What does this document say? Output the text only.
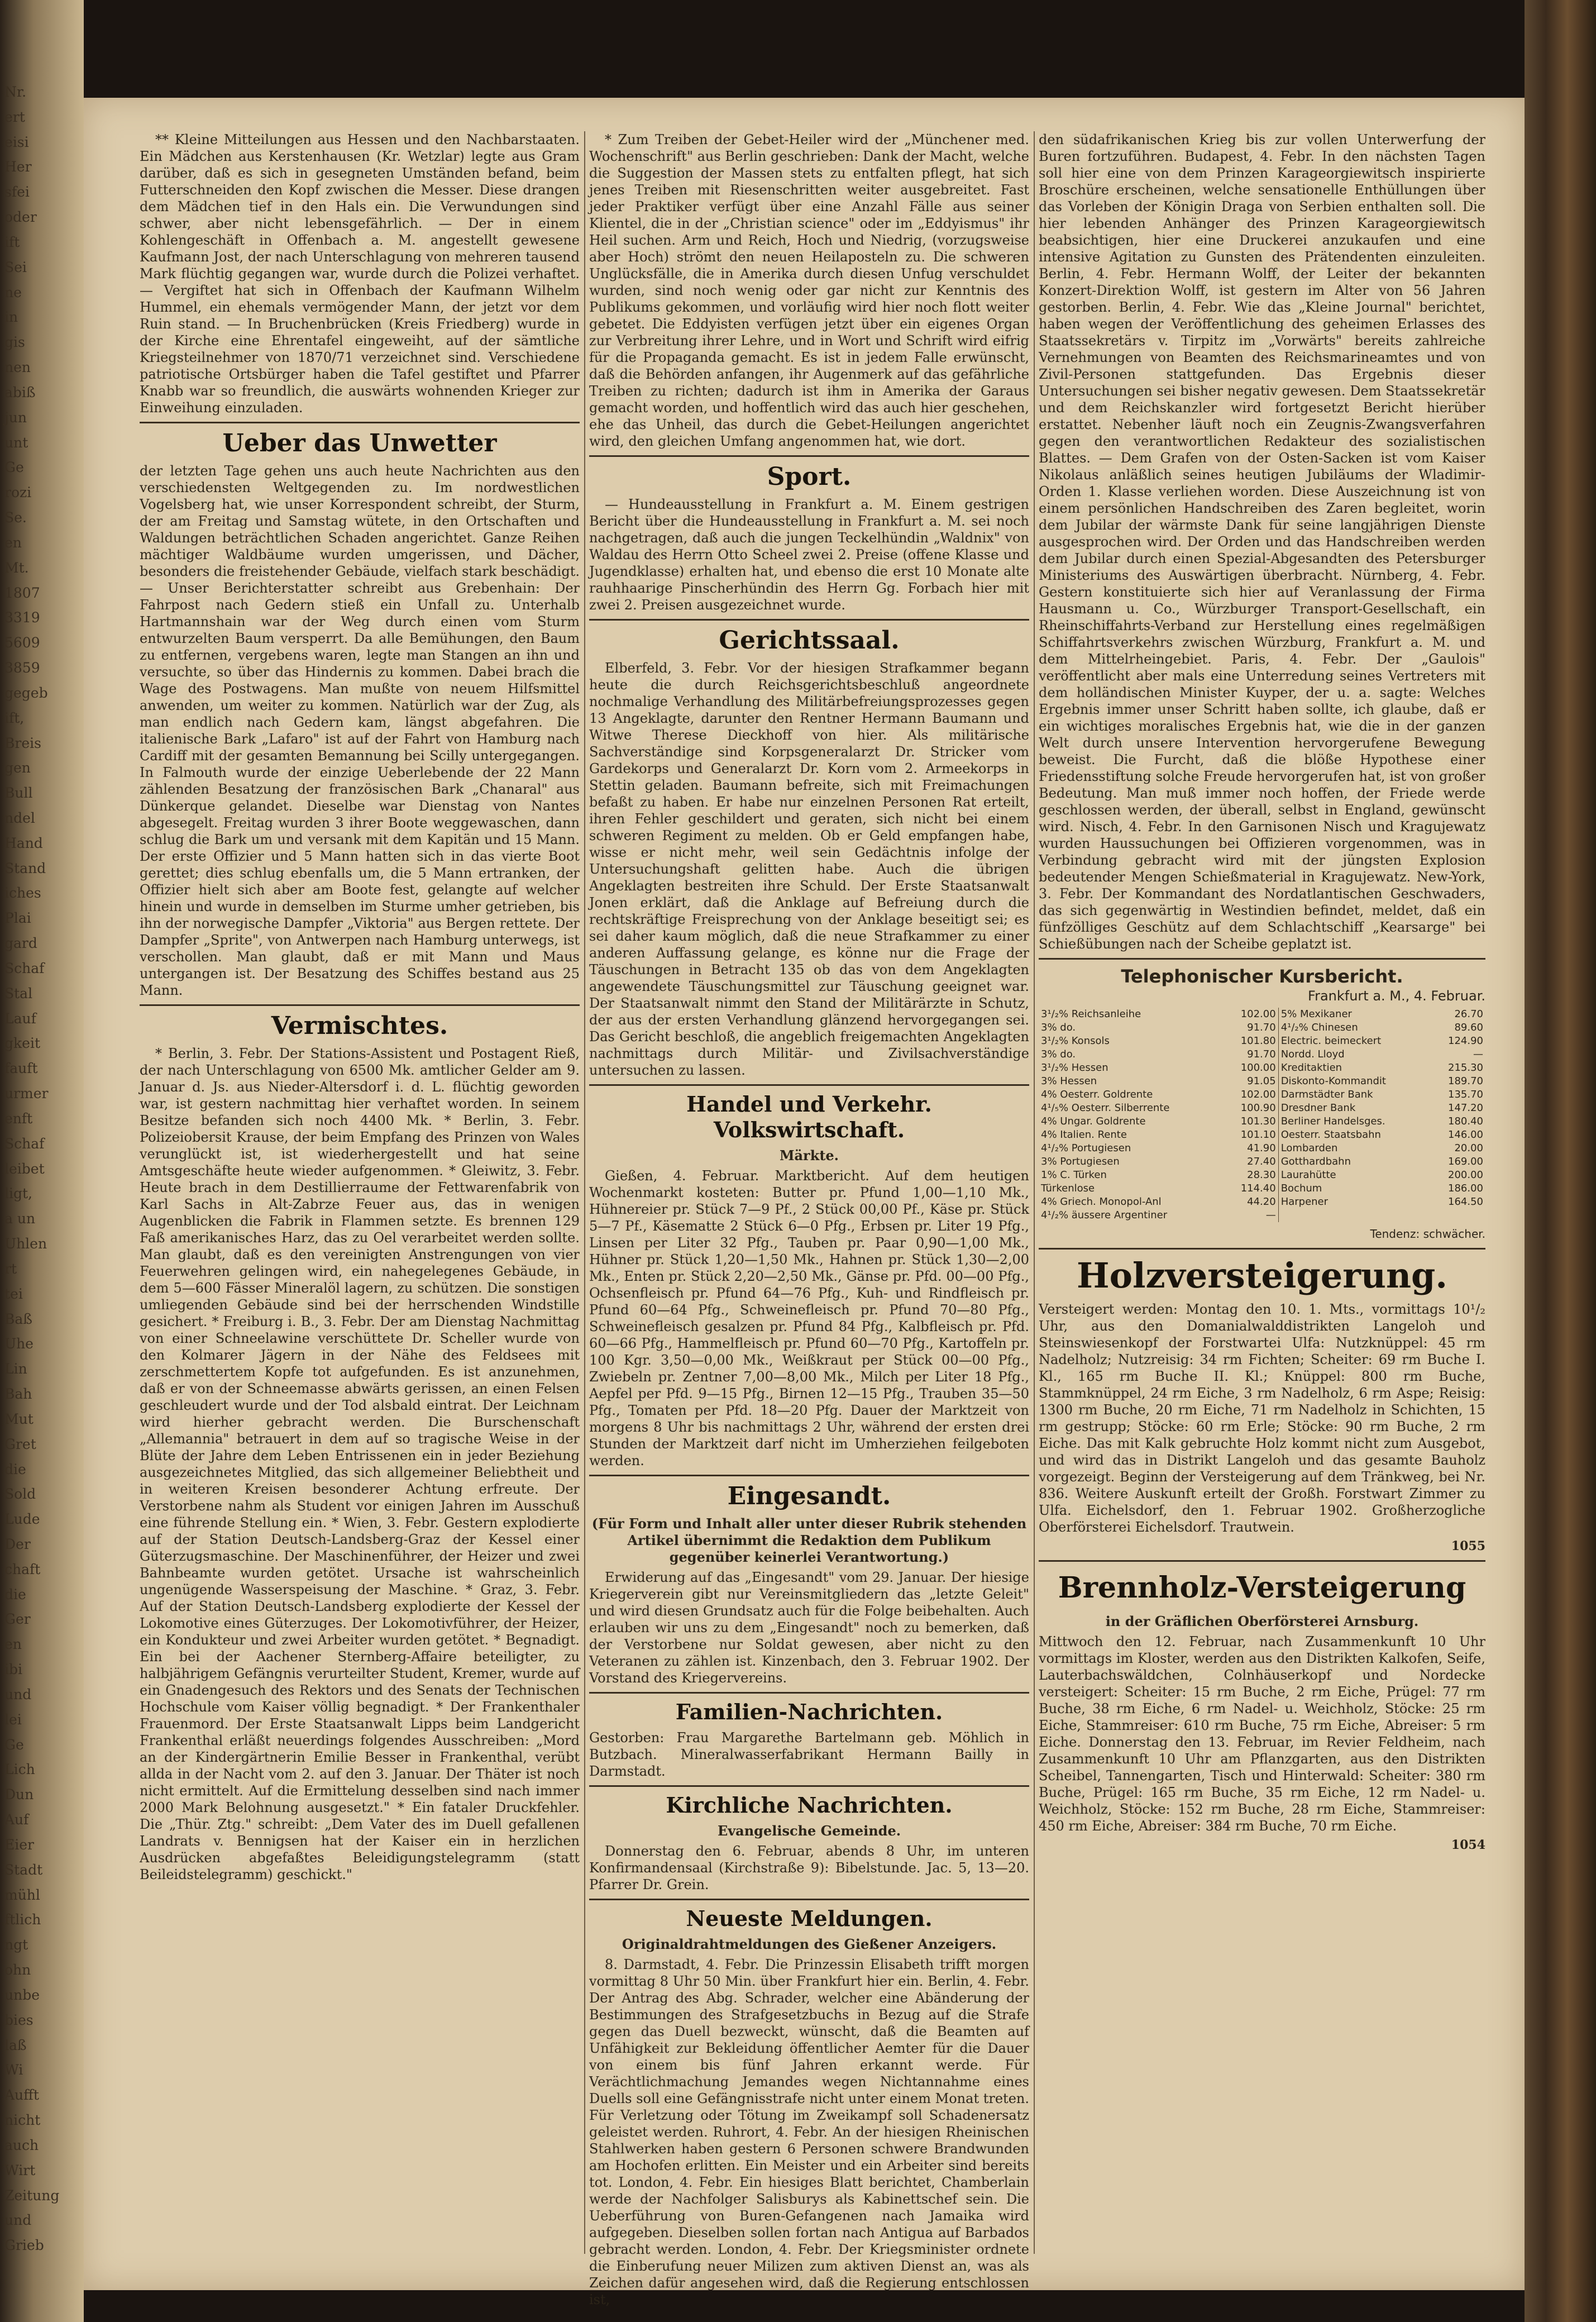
Nr.
ert
eisi
Her
sfei
oder
ift
Sei
ne
in
gis
nen
abiß
jun
unt
Ge
rozi
Se.
en
Mt.
1807
3319
5609
3859
gegeb
ift,
Breis
gen
Bull
ndel
Hand
Stand
iches
Plai
gard
Schaf
Stal
Lauf
gkeit
fauft
urmer
enft
Schaf
leibet
ligt,
a un
Uhlen
rt
tei
Baß
Uhe
Lin
Bah
Mut
Gret
die
Sold
Lude
Der
chaft
die
Ger
en
ibi
und
lei
Ge
Lich
Dun
Auf
Eier
Stadt
mühl
ftlich
ngt
ohn
unbe
bies
laß
Wi
Aufft
nicht
auch
Wirt
Zeitung
und
Grieb

** Kleine Mitteilungen aus Hessen und den Nachbarstaaten. Ein Mädchen aus Kerstenhausen (Kr. Wetzlar) legte aus Gram darüber, daß es sich in gesegneten Umständen befand, beim Futterschneiden den Kopf zwischen die Messer. Diese drangen dem Mädchen tief in den Hals ein. Die Verwundungen sind schwer, aber nicht lebensgefährlich. — Der in einem Kohlengeschäft in Offenbach a. M. angestellt gewesene Kaufmann Jost, der nach Unterschlagung von mehreren tausend Mark flüchtig gegangen war, wurde durch die Polizei verhaftet. — Vergiftet hat sich in Offenbach der Kaufmann Wilhelm Hummel, ein ehemals vermögender Mann, der jetzt vor dem Ruin stand. — In Bruchenbrücken (Kreis Friedberg) wurde in der Kirche eine Ehrentafel eingeweiht, auf der sämtliche Kriegsteilnehmer von 1870/71 verzeichnet sind. Verschiedene patriotische Ortsbürger haben die Tafel gestiftet und Pfarrer Knabb war so freundlich, die auswärts wohnenden Krieger zur Einweihung einzuladen.

Ueber das Unwetter

der letzten Tage gehen uns auch heute Nachrichten aus den verschiedensten Weltgegenden zu. Im nordwestlichen Vogelsberg hat, wie unser Korrespondent schreibt, der Sturm, der am Freitag und Samstag wütete, in den Ortschaften und Waldungen beträchtlichen Schaden angerichtet. Ganze Reihen mächtiger Waldbäume wurden umgerissen, und Dächer, besonders die freistehender Gebäude, vielfach stark beschädigt. — Unser Berichterstatter schreibt aus Grebenhain: Der Fahrpost nach Gedern stieß ein Unfall zu. Unterhalb Hartmannshain war der Weg durch einen vom Sturm entwurzelten Baum versperrt. Da alle Bemühungen, den Baum zu entfernen, vergebens waren, legte man Stangen an ihn und versuchte, so über das Hindernis zu kommen. Dabei brach die Wage des Postwagens. Man mußte von neuem Hilfsmittel anwenden, um weiter zu kommen. Natürlich war der Zug, als man endlich nach Gedern kam, längst abgefahren. Die italienische Bark „Lafaro" ist auf der Fahrt von Hamburg nach Cardiff mit der gesamten Bemannung bei Scilly untergegangen. In Falmouth wurde der einzige Ueberlebende der 22 Mann zählenden Besatzung der französischen Bark „Chanaral" aus Dünkerque gelandet. Dieselbe war Dienstag von Nantes abgesegelt. Freitag wurden 3 ihrer Boote weggewaschen, dann schlug die Bark um und versank mit dem Kapitän und 15 Mann. Der erste Offizier und 5 Mann hatten sich in das vierte Boot gerettet; dies schlug ebenfalls um, die 5 Mann ertranken, der Offizier hielt sich aber am Boote fest, gelangte auf welcher hinein und wurde in demselben im Sturme umher getrieben, bis ihn der norwegische Dampfer „Viktoria" aus Bergen rettete. Der Dampfer „Sprite", von Antwerpen nach Hamburg unterwegs, ist verschollen. Man glaubt, daß er mit Mann und Maus untergangen ist. Der Besatzung des Schiffes bestand aus 25 Mann.

Vermischtes.

* Berlin, 3. Febr. Der Stations-Assistent und Postagent Rieß, der nach Unterschlagung von 6500 Mk. amtlicher Gelder am 9. Januar d. Js. aus Nieder-Altersdorf i. d. L. flüchtig geworden war, ist gestern nachmittag hier verhaftet worden. In seinem Besitze befanden sich noch 4400 Mk. * Berlin, 3. Febr. Polizeiobersit Krause, der beim Empfang des Prinzen von Wales verunglückt ist, ist wiederhergestellt und hat seine Amtsgeschäfte heute wieder aufgenommen. * Gleiwitz, 3. Febr. Heute brach in dem Destillierraume der Fettwarenfabrik von Karl Sachs in Alt-Zabrze Feuer aus, das in wenigen Augenblicken die Fabrik in Flammen setzte. Es brennen 129 Faß amerikanisches Harz, das zu Oel verarbeitet werden sollte. Man glaubt, daß es den vereinigten Anstrengungen von vier Feuerwehren gelingen wird, ein nahegelegenes Gebäude, in dem 5—600 Fässer Mineralöl lagern, zu schützen. Die sonstigen umliegenden Gebäude sind bei der herrschenden Windstille gesichert. * Freiburg i. B., 3. Febr. Der am Dienstag Nachmittag von einer Schneelawine verschüttete Dr. Scheller wurde von den Kolmarer Jägern in der Nähe des Feldsees mit zerschmettertem Kopfe tot aufgefunden. Es ist anzunehmen, daß er von der Schneemasse abwärts gerissen, an einen Felsen geschleudert wurde und der Tod alsbald eintrat. Der Leichnam wird hierher gebracht werden. Die Burschenschaft „Allemannia" betrauert in dem auf so tragische Weise in der Blüte der Jahre dem Leben Entrissenen ein in jeder Beziehung ausgezeichnetes Mitglied, das sich allgemeiner Beliebtheit und in weiteren Kreisen besonderer Achtung erfreute. Der Verstorbene nahm als Student vor einigen Jahren im Ausschuß eine führende Stellung ein. * Wien, 3. Febr. Gestern explodierte auf der Station Deutsch-Landsberg-Graz der Kessel einer Güterzugsmaschine. Der Maschinenführer, der Heizer und zwei Bahnbeamte wurden getötet. Ursache ist wahrscheinlich ungenügende Wasserspeisung der Maschine. * Graz, 3. Febr. Auf der Station Deutsch-Landsberg explodierte der Kessel der Lokomotive eines Güterzuges. Der Lokomotivführer, der Heizer, ein Kondukteur und zwei Arbeiter wurden getötet. * Begnadigt. Ein bei der Aachener Sternberg-Affaire beteiligter, zu halbjährigem Gefängnis verurteilter Student, Kremer, wurde auf ein Gnadengesuch des Rektors und des Senats der Technischen Hochschule vom Kaiser völlig begnadigt. * Der Frankenthaler Frauenmord. Der Erste Staatsanwalt Lipps beim Landgericht Frankenthal erläßt neuerdings folgendes Ausschreiben: „Mord an der Kindergärtnerin Emilie Besser in Frankenthal, verübt allda in der Nacht vom 2. auf den 3. Januar. Der Thäter ist noch nicht ermittelt. Auf die Ermittelung desselben sind nach immer 2000 Mark Belohnung ausgesetzt." * Ein fataler Druckfehler. Die „Thür. Ztg." schreibt: „Dem Vater des im Duell gefallenen Landrats v. Bennigsen hat der Kaiser ein in herzlichen Ausdrücken abgefaßtes Beleidigungstelegramm (statt Beileidstelegramm) geschickt."

* Zum Treiben der Gebet-Heiler wird der „Münchener med. Wochenschrift" aus Berlin geschrieben: Dank der Macht, welche die Suggestion der Massen stets zu entfalten pflegt, hat sich jenes Treiben mit Riesenschritten weiter ausgebreitet. Fast jeder Praktiker verfügt über eine Anzahl Fälle aus seiner Klientel, die in der „Christian science" oder im „Eddyismus" ihr Heil suchen. Arm und Reich, Hoch und Niedrig, (vorzugsweise aber Hoch) strömt den neuen Heilaposteln zu. Die schweren Unglücksfälle, die in Amerika durch diesen Unfug verschuldet wurden, sind noch wenig oder gar nicht zur Kenntnis des Publikums gekommen, und vorläufig wird hier noch flott weiter gebetet. Die Eddyisten verfügen jetzt über ein eigenes Organ zur Verbreitung ihrer Lehre, und in Wort und Schrift wird eifrig für die Propaganda gemacht. Es ist in jedem Falle erwünscht, daß die Behörden anfangen, ihr Augenmerk auf das gefährliche Treiben zu richten; dadurch ist ihm in Amerika der Garaus gemacht worden, und hoffentlich wird das auch hier geschehen, ehe das Unheil, das durch die Gebet-Heilungen angerichtet wird, den gleichen Umfang angenommen hat, wie dort.

Sport.

— Hundeausstellung in Frankfurt a. M. Einem gestrigen Bericht über die Hundeausstellung in Frankfurt a. M. sei noch nachgetragen, daß auch die jungen Teckelhündin „Waldnix" von Waldau des Herrn Otto Scheel zwei 2. Preise (offene Klasse und Jugendklasse) erhalten hat, und ebenso die erst 10 Monate alte rauhhaarige Pinscherhündin des Herrn Gg. Forbach hier mit zwei 2. Preisen ausgezeichnet wurde.

Gerichtssaal.

Elberfeld, 3. Febr. Vor der hiesigen Strafkammer begann heute die durch Reichsgerichtsbeschluß angeordnete nochmalige Verhandlung des Militärbefreiungsprozesses gegen 13 Angeklagte, darunter den Rentner Hermann Baumann und Witwe Therese Dieckhoff von hier. Als militärische Sachverständige sind Korpsgeneralarzt Dr. Stricker vom Gardekorps und Generalarzt Dr. Korn vom 2. Armeekorps in Stettin geladen. Baumann befreite, sich mit Freimachungen befaßt zu haben. Er habe nur einzelnen Personen Rat erteilt, ihren Fehler geschildert und geraten, sich nicht bei einem schweren Regiment zu melden. Ob er Geld empfangen habe, wisse er nicht mehr, weil sein Gedächtnis infolge der Untersuchungshaft gelitten habe. Auch die übrigen Angeklagten bestreiten ihre Schuld. Der Erste Staatsanwalt Jonen erklärt, daß die Anklage auf Befreiung durch die rechtskräftige Freisprechung von der Anklage beseitigt sei; es sei daher kaum möglich, daß die neue Strafkammer zu einer anderen Auffassung gelange, es könne nur die Frage der Täuschungen in Betracht 135 ob das von dem Angeklagten angewendete Täuschungsmittel zur Täuschung geeignet war. Der Staatsanwalt nimmt den Stand der Militärärzte in Schutz, der aus der ersten Verhandlung glänzend hervorgegangen sei. Das Gericht beschloß, die angeblich freigemachten Angeklagten nachmittags durch Militär- und Zivilsachverständige untersuchen zu lassen.

Handel und Verkehr. Volkswirtschaft.
Märkte.

Gießen, 4. Februar. Marktbericht. Auf dem heutigen Wochenmarkt kosteten: Butter pr. Pfund 1,00—1,10 Mk., Hühnereier pr. Stück 7—9 Pf., 2 Stück 00,00 Pf., Käse pr. Stück 5—7 Pf., Käsematte 2 Stück 6—0 Pfg., Erbsen pr. Liter 19 Pfg., Linsen per Liter 32 Pfg., Tauben pr. Paar 0,90—1,00 Mk., Hühner pr. Stück 1,20—1,50 Mk., Hahnen pr. Stück 1,30—2,00 Mk., Enten pr. Stück 2,20—2,50 Mk., Gänse pr. Pfd. 00—00 Pfg., Ochsenfleisch pr. Pfund 64—76 Pfg., Kuh- und Rindfleisch pr. Pfund 60—64 Pfg., Schweinefleisch pr. Pfund 70—80 Pfg., Schweinefleisch gesalzen pr. Pfund 84 Pfg., Kalbfleisch pr. Pfd. 60—66 Pfg., Hammelfleisch pr. Pfund 60—70 Pfg., Kartoffeln pr. 100 Kgr. 3,50—0,00 Mk., Weißkraut per Stück 00—00 Pfg., Zwiebeln pr. Zentner 7,00—8,00 Mk., Milch per Liter 18 Pfg., Aepfel per Pfd. 9—15 Pfg., Birnen 12—15 Pfg., Trauben 35—50 Pfg., Tomaten per Pfd. 18—20 Pfg. Dauer der Marktzeit von morgens 8 Uhr bis nachmittags 2 Uhr, während der ersten drei Stunden der Marktzeit darf nicht im Umherziehen feilgeboten werden.

Eingesandt.

(Für Form und Inhalt aller unter dieser Rubrik stehenden Artikel übernimmt die Redaktion dem Publikum gegenüber keinerlei Verantwortung.)

Erwiderung auf das „Eingesandt" vom 29. Januar. Der hiesige Kriegerverein gibt nur Vereinsmitgliedern das „letzte Geleit" und wird diesen Grundsatz auch für die Folge beibehalten. Auch erlauben wir uns zu dem „Eingesandt" noch zu bemerken, daß der Verstorbene nur Soldat gewesen, aber nicht zu den Veteranen zu zählen ist. Kinzenbach, den 3. Februar 1902. Der Vorstand des Kriegervereins.

Familien-Nachrichten.

Gestorben: Frau Margarethe Bartelmann geb. Möhlich in Butzbach. Mineralwasserfabrikant Hermann Bailly in Darmstadt.

Kirchliche Nachrichten.
Evangelische Gemeinde.

Donnerstag den 6. Februar, abends 8 Uhr, im unteren Konfirmandensaal (Kirchstraße 9): Bibelstunde. Jac. 5, 13—20. Pfarrer Dr. Grein.

Neueste Meldungen.
Originaldrahtmeldungen des Gießener Anzeigers.

8. Darmstadt, 4. Febr. Die Prinzessin Elisabeth trifft morgen vormittag 8 Uhr 50 Min. über Frankfurt hier ein. Berlin, 4. Febr. Der Antrag des Abg. Schrader, welcher eine Abänderung der Bestimmungen des Strafgesetzbuchs in Bezug auf die Strafe gegen das Duell bezweckt, wünscht, daß die Beamten auf Unfähigkeit zur Bekleidung öffentlicher Aemter für die Dauer von einem bis fünf Jahren erkannt werde. Für Verächtlichmachung Jemandes wegen Nichtannahme eines Duells soll eine Gefängnisstrafe nicht unter einem Monat treten. Für Verletzung oder Tötung im Zweikampf soll Schadenersatz geleistet werden. Ruhrort, 4. Febr. An der hiesigen Rheinischen Stahlwerken haben gestern 6 Personen schwere Brandwunden am Hochofen erlitten. Ein Meister und ein Arbeiter sind bereits tot. London, 4. Febr. Ein hiesiges Blatt berichtet, Chamberlain werde der Nachfolger Salisburys als Kabinettschef sein. Die Ueberführung von Buren-Gefangenen nach Jamaika wird aufgegeben. Dieselben sollen fortan nach Antigua auf Barbados gebracht werden. London, 4. Febr. Der Kriegsminister ordnete die Einberufung neuer Milizen zum aktiven Dienst an, was als Zeichen dafür angesehen wird, daß die Regierung entschlossen ist,

den südafrikanischen Krieg bis zur vollen Unterwerfung der Buren fortzuführen. Budapest, 4. Febr. In den nächsten Tagen soll hier eine von dem Prinzen Karageorgiewitsch inspirierte Broschüre erscheinen, welche sensationelle Enthüllungen über das Vorleben der Königin Draga von Serbien enthalten soll. Die hier lebenden Anhänger des Prinzen Karageorgiewitsch beabsichtigen, hier eine Druckerei anzukaufen und eine intensive Agitation zu Gunsten des Prätendenten einzuleiten. Berlin, 4. Febr. Hermann Wolff, der Leiter der bekannten Konzert-Direktion Wolff, ist gestern im Alter von 56 Jahren gestorben. Berlin, 4. Febr. Wie das „Kleine Journal" berichtet, haben wegen der Veröffentlichung des geheimen Erlasses des Staatssekretärs v. Tirpitz im „Vorwärts" bereits zahlreiche Vernehmungen von Beamten des Reichsmarineamtes und von Zivil-Personen stattgefunden. Das Ergebnis dieser Untersuchungen sei bisher negativ gewesen. Dem Staatssekretär und dem Reichskanzler wird fortgesetzt Bericht hierüber erstattet. Nebenher läuft noch ein Zeugnis-Zwangsverfahren gegen den verantwortlichen Redakteur des sozialistischen Blattes. — Dem Grafen von der Osten-Sacken ist vom Kaiser Nikolaus anläßlich seines heutigen Jubiläums der Wladimir-Orden 1. Klasse verliehen worden. Diese Auszeichnung ist von einem persönlichen Handschreiben des Zaren begleitet, worin dem Jubilar der wärmste Dank für seine langjährigen Dienste ausgesprochen wird. Der Orden und das Handschreiben werden dem Jubilar durch einen Spezial-Abgesandten des Petersburger Ministeriums des Auswärtigen überbracht. Nürnberg, 4. Febr. Gestern konstituierte sich hier auf Veranlassung der Firma Hausmann u. Co., Würzburger Transport-Gesellschaft, ein Rheinschiffahrts-Verband zur Herstellung eines regelmäßigen Schiffahrtsverkehrs zwischen Würzburg, Frankfurt a. M. und dem Mittelrheingebiet. Paris, 4. Febr. Der „Gaulois" veröffentlicht aber mals eine Unterredung seines Vertreters mit dem holländischen Minister Kuyper, der u. a. sagte: Welches Ergebnis immer unser Schritt haben sollte, ich glaube, daß er ein wichtiges moralisches Ergebnis hat, wie die in der ganzen Welt durch unsere Intervention hervorgerufene Bewegung beweist. Die Furcht, daß die blöße Hypothese einer Friedensstiftung solche Freude hervorgerufen hat, ist von großer Bedeutung. Man muß immer noch hoffen, der Friede werde geschlossen werden, der überall, selbst in England, gewünscht wird. Nisch, 4. Febr. In den Garnisonen Nisch und Kragujewatz wurden Haussuchungen bei Offizieren vorgenommen, was in Verbindung gebracht wird mit der jüngsten Explosion bedeutender Mengen Schießmaterial in Kragujewatz. New-York, 3. Febr. Der Kommandant des Nordatlantischen Geschwaders, das sich gegenwärtig in Westindien befindet, meldet, daß ein fünfzölliges Geschütz auf dem Schlachtschiff „Kearsarge" bei Schießübungen nach der Scheibe geplatzt ist.

Telephonischer Kursbericht.
Frankfurt a. M., 4. Februar.
3¹/₂% Reichsanleihe	102.00	5% Mexikaner	26.70
3% do.	91.70	4¹/₂% Chinesen	89.60
3¹/₂% Konsols	101.80	Electric. beimeckert	124.90
3% do.	91.70	Nordd. Lloyd	—
3¹/₂% Hessen	100.00	Kreditaktien	215.30
3% Hessen	91.05	Diskonto-Kommandit	189.70
4% Oesterr. Goldrente	102.00	Darmstädter Bank	135.70
4¹/₅% Oesterr. Silberrente	100.90	Dresdner Bank	147.20
4% Ungar. Goldrente	101.30	Berliner Handelsges.	180.40
4% Italien. Rente	101.10	Oesterr. Staatsbahn	146.00
4¹/₂% Portugiesen	41.90	Lombarden	20.00
3% Portugiesen	27.40	Gotthardbahn	169.00
1% C. Türken	28.30	Laurahütte	200.00
Türkenlose	114.40	Bochum	186.00
4% Griech. Monopol-Anl	44.20	Harpener	164.50
4¹/₂% äussere Argentiner	—		
Tendenz: schwächer.
Holzversteigerung.

Versteigert werden: Montag den 10. 1. Mts., vormittags 10¹/₂ Uhr, aus den Domanialwalddistrikten Langeloh und Steinswiesenkopf der Forstwartei Ulfa: Nutzknüppel: 45 rm Nadelholz; Nutzreisig: 34 rm Fichten; Scheiter: 69 rm Buche I. Kl., 165 rm Buche II. Kl.; Knüppel: 800 rm Buche, Stammknüppel, 24 rm Eiche, 3 rm Nadelholz, 6 rm Aspe; Reisig: 1300 rm Buche, 20 rm Eiche, 71 rm Nadelholz in Schichten, 15 rm gestrupp; Stöcke: 60 rm Erle; Stöcke: 90 rm Buche, 2 rm Eiche. Das mit Kalk gebruchte Holz kommt nicht zum Ausgebot, und wird das in Distrikt Langeloh und das gesamte Bauholz vorgezeigt. Beginn der Versteigerung auf dem Tränkweg, bei Nr. 836. Weitere Auskunft erteilt der Großh. Forstwart Zimmer zu Ulfa. Eichelsdorf, den 1. Februar 1902. Großherzogliche Oberförsterei Eichelsdorf. Trautwein.

1055
Brennholz-Versteigerung
in der Gräflichen Oberförsterei Arnsburg.

Mittwoch den 12. Februar, nach Zusammenkunft 10 Uhr vormittags im Kloster, werden aus den Distrikten Kalkofen, Seife, Lauterbachswäldchen, Colnhäuserkopf und Nordecke versteigert: Scheiter: 15 rm Buche, 2 rm Eiche, Prügel: 77 rm Buche, 38 rm Eiche, 6 rm Nadel- u. Weichholz, Stöcke: 25 rm Eiche, Stammreiser: 610 rm Buche, 75 rm Eiche, Abreiser: 5 rm Eiche. Donnerstag den 13. Februar, im Revier Feldheim, nach Zusammenkunft 10 Uhr am Pflanzgarten, aus den Distrikten Scheibel, Tannengarten, Tisch und Hinterwald: Scheiter: 380 rm Buche, Prügel: 165 rm Buche, 35 rm Eiche, 12 rm Nadel- u. Weichholz, Stöcke: 152 rm Buche, 28 rm Eiche, Stammreiser: 450 rm Eiche, Abreiser: 384 rm Buche, 70 rm Eiche.

1054
